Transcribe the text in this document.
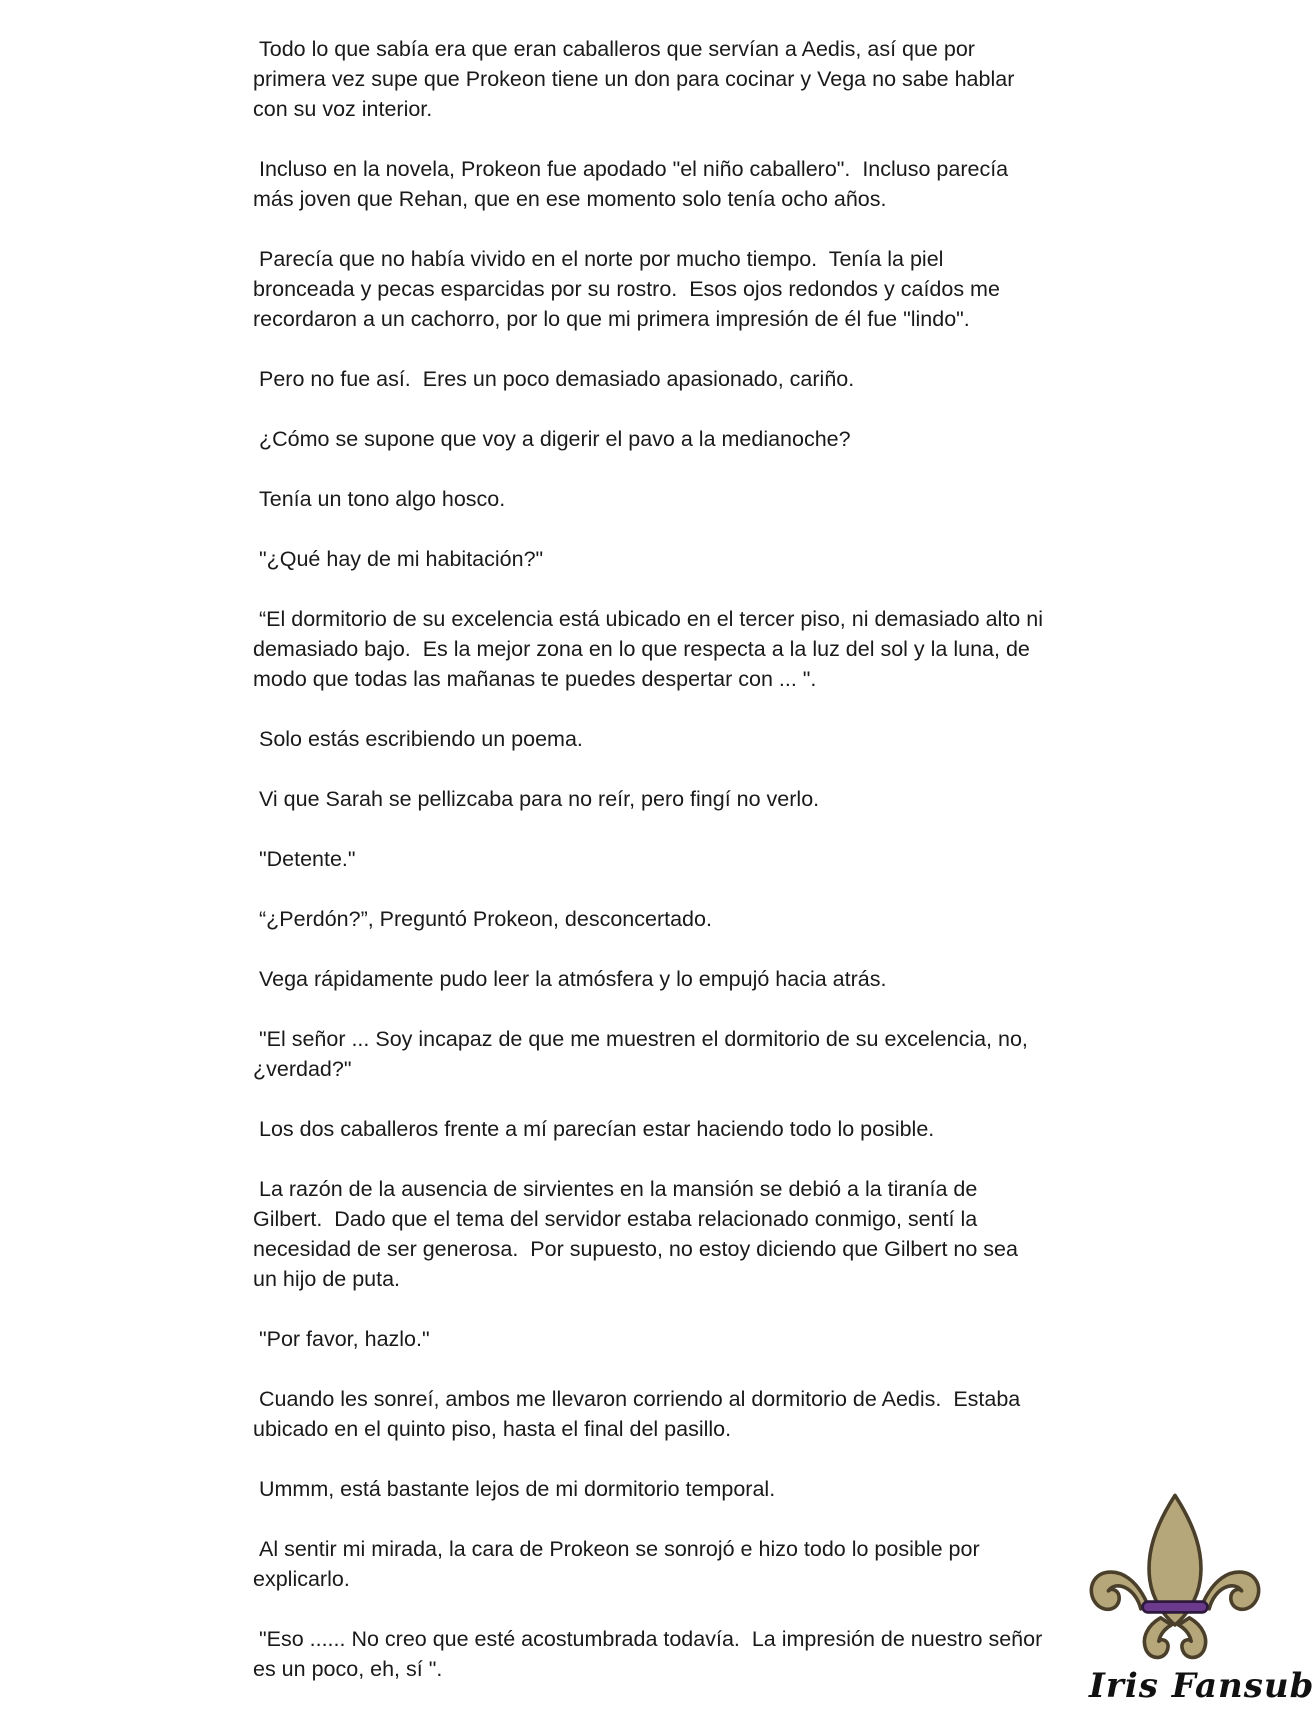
Todo lo que sabía era que eran caballeros que servían a Aedis, así que por primera vez supe que Prokeon tiene un don para cocinar y Vega no sabe hablar con su voz interior.

Incluso en la novela, Prokeon fue apodado "el niño caballero".  Incluso parecía más joven que Rehan, que en ese momento solo tenía ocho años.

Parecía que no había vivido en el norte por mucho tiempo.  Tenía la piel bronceada y pecas esparcidas por su rostro.  Esos ojos redondos y caídos me recordaron a un cachorro, por lo que mi primera impresión de él fue "lindo".

Pero no fue así.  Eres un poco demasiado apasionado, cariño.

¿Cómo se supone que voy a digerir el pavo a la medianoche?

Tenía un tono algo hosco.

"¿Qué hay de mi habitación?"

“El dormitorio de su excelencia está ubicado en el tercer piso, ni demasiado alto ni demasiado bajo.  Es la mejor zona en lo que respecta a la luz del sol y la luna, de modo que todas las mañanas te puedes despertar con ... ".

Solo estás escribiendo un poema.

Vi que Sarah se pellizcaba para no reír, pero fingí no verlo.

"Detente."

“¿Perdón?”, Preguntó Prokeon, desconcertado.

Vega rápidamente pudo leer la atmósfera y lo empujó hacia atrás.

"El señor ... Soy incapaz de que me muestren el dormitorio de su excelencia, no, ¿verdad?"

Los dos caballeros frente a mí parecían estar haciendo todo lo posible.

La razón de la ausencia de sirvientes en la mansión se debió a la tiranía de Gilbert.  Dado que el tema del servidor estaba relacionado conmigo, sentí la necesidad de ser generosa.  Por supuesto, no estoy diciendo que Gilbert no sea un hijo de puta.

"Por favor, hazlo."

Cuando les sonreí, ambos me llevaron corriendo al dormitorio de Aedis.  Estaba ubicado en el quinto piso, hasta el final del pasillo.

Ummm, está bastante lejos de mi dormitorio temporal.

Al sentir mi mirada, la cara de Prokeon se sonrojó e hizo todo lo posible por explicarlo.

"Eso ...... No creo que esté acostumbrada todavía.  La impresión de nuestro señor es un poco, eh, sí ".	Iris Fansub
